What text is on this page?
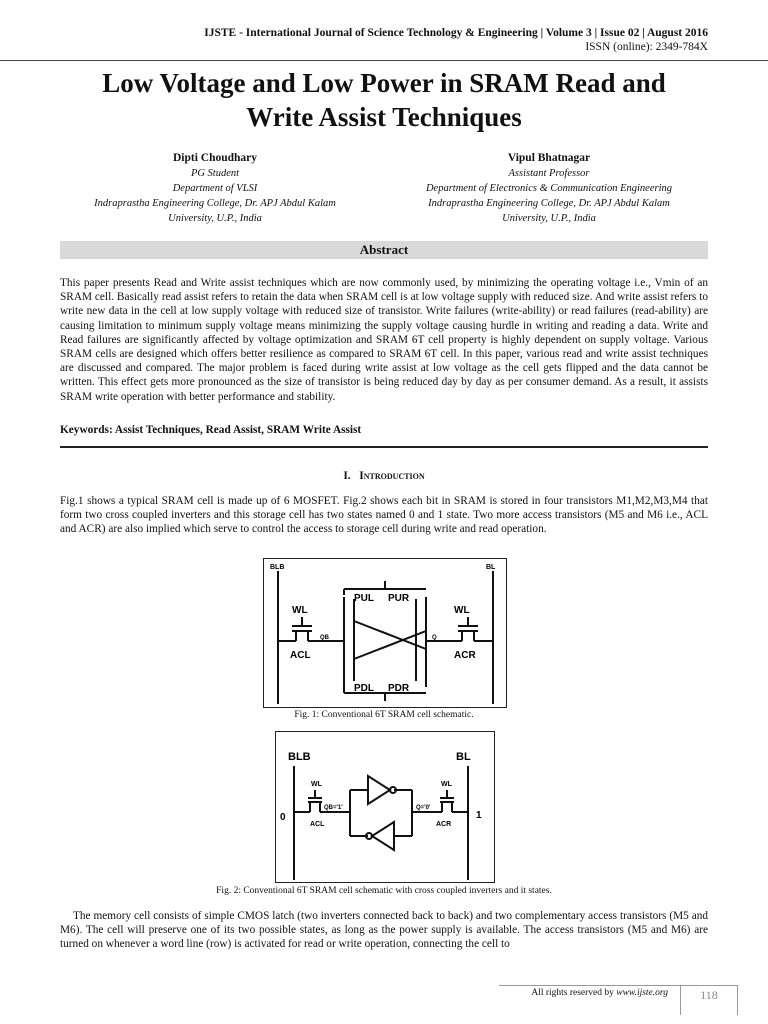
IJSTE - International Journal of Science Technology & Engineering | Volume 3 | Issue 02 | August 2016
ISSN (online): 2349-784X
Low Voltage and Low Power in SRAM Read and
Write Assist Techniques
Dipti Choudhary
PG Student
Department of VLSI
Indraprastha Engineering College, Dr. APJ Abdul Kalam
University, U.P., India
Vipul Bhatnagar
Assistant Professor
Department of Electronics & Communication Engineering
Indraprastha Engineering College, Dr. APJ Abdul Kalam
University, U.P., India
Abstract
This paper presents Read and Write assist techniques which are now commonly used, by minimizing the operating voltage i.e., Vmin of an SRAM cell. Basically read assist refers to retain the data when SRAM cell is at low voltage supply with reduced size. And write assist refers to write new data in the cell at low supply voltage with reduced size of transistor. Write failures (write-ability) or read failures (read-ability) are causing limitation to minimum supply voltage means minimizing the supply voltage causing hurdle in writing and reading a data. Write and Read failures are significantly affected by voltage optimization and SRAM 6T cell property is highly dependent on supply voltage. Various SRAM cells are designed which offers better resilience as compared to SRAM 6T cell. In this paper, various read and write assist techniques are discussed and compared. The major problem is faced during write assist at low voltage as the cell gets flipped and the data cannot be written. This effect gets more pronounced as the size of transistor is being reduced day by day as per consumer demand. As a result, it assists SRAM write operation with better performance and stability.
Keywords: Assist Techniques, Read Assist, SRAM Write Assist
I. Introduction
Fig.1 shows a typical SRAM cell is made up of 6 MOSFET. Fig.2 shows each bit in SRAM is stored in four transistors M1,M2,M3,M4 that form two cross coupled inverters and this storage cell has two states named 0 and 1 state. Two more access transistors (M5 and M6 i.e., ACL and ACR) are also implied which serve to control the access to storage cell during write and read operation.
BLB	BL
WL	WL
PUL PUR
PDL PDR
ACL	ACR
QB	Q
Fig. 1: Conventional 6T SRAM cell schematic.
BLB	BL
WL	WL
QB='1'	Q='0'
ACL	ACR
0	1
Fig. 2: Conventional 6T SRAM cell schematic with cross coupled inverters and it states.
The memory cell consists of simple CMOS latch (two inverters connected back to back) and two complementary access transistors (M5 and M6). The cell will preserve one of its two possible states, as long as the power supply is available. The access transistors (M5 and M6) are turned on whenever a word line (row) is activated for read or write operation, connecting the cell to
All rights reserved by www.ijste.org	118
